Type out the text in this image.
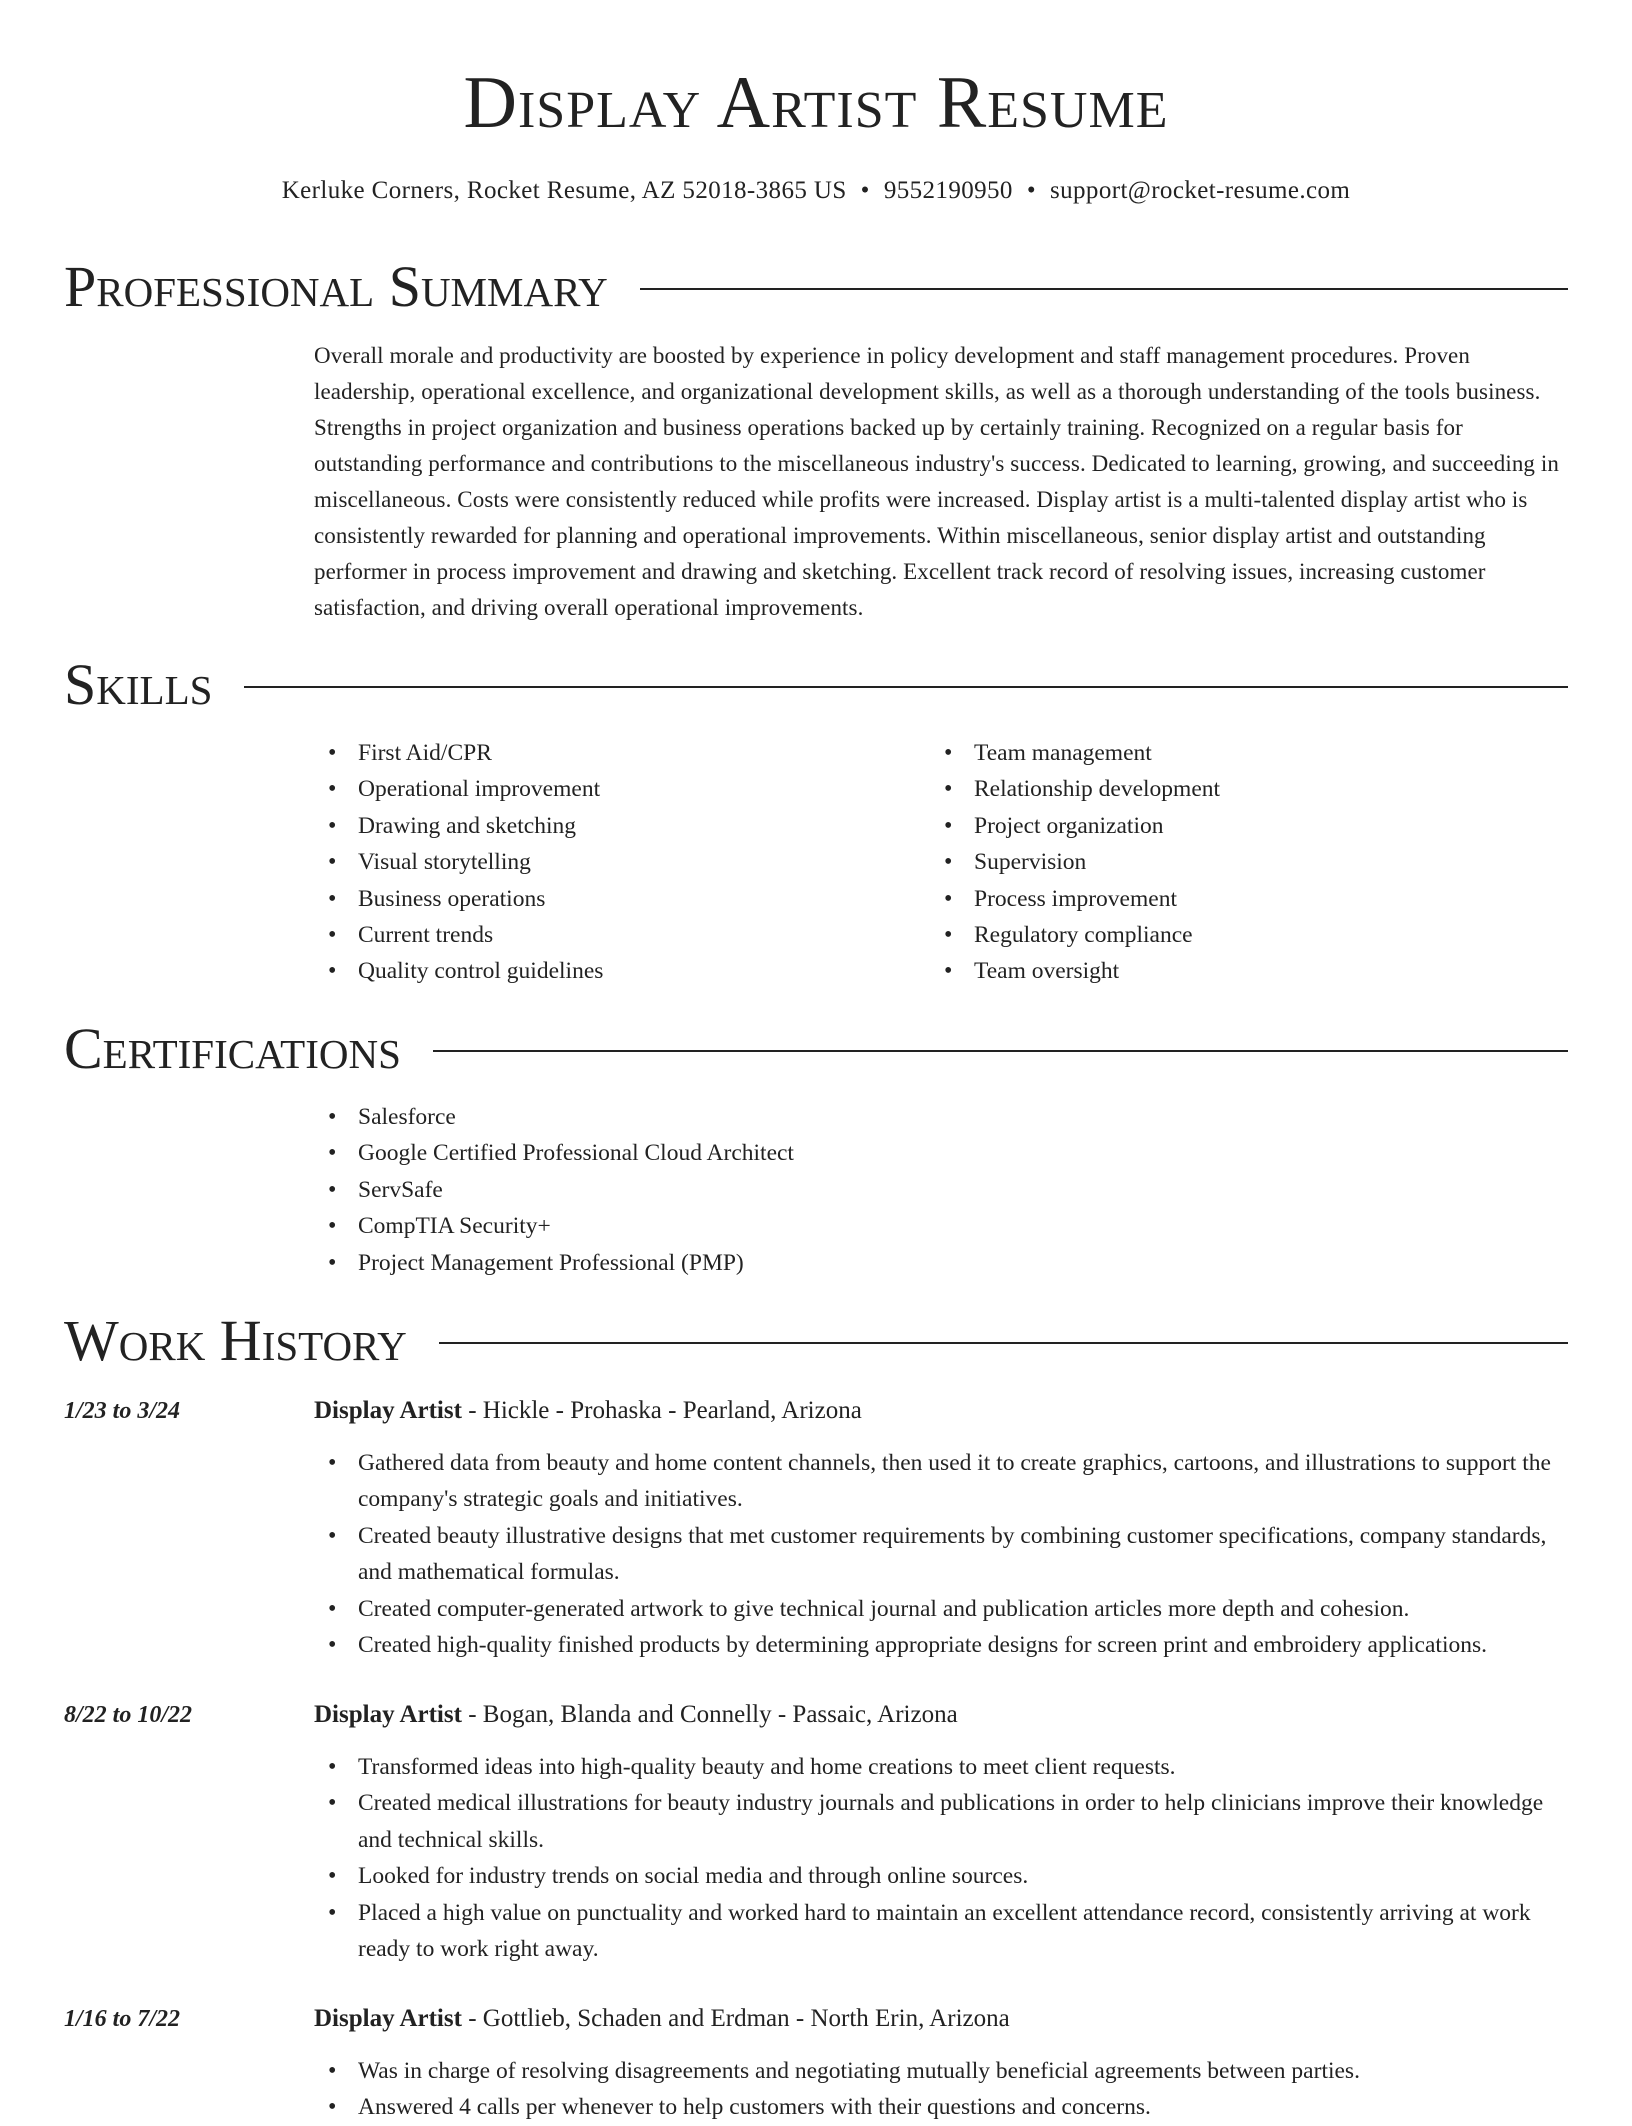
Display Artist Resume
Kerluke Corners, Rocket Resume, AZ 52018-3865 US • 9552190950 • support@rocket-resume.com
Professional Summary
Overall morale and productivity are boosted by experience in policy development and staff management procedures. Proven leadership, operational excellence, and organizational development skills, as well as a thorough understanding of the tools business. Strengths in project organization and business operations backed up by certainly training. Recognized on a regular basis for outstanding performance and contributions to the miscellaneous industry's success. Dedicated to learning, growing, and succeeding in miscellaneous. Costs were consistently reduced while profits were increased. Display artist is a multi-talented display artist who is consistently rewarded for planning and operational improvements. Within miscellaneous, senior display artist and outstanding performer in process improvement and drawing and sketching. Excellent track record of resolving issues, increasing customer satisfaction, and driving overall operational improvements.
Skills
• First Aid/CPR
• Operational improvement
• Drawing and sketching
• Visual storytelling
• Business operations
• Current trends
• Quality control guidelines
• Team management
• Relationship development
• Project organization
• Supervision
• Process improvement
• Regulatory compliance
• Team oversight
Certifications
• Salesforce
• Google Certified Professional Cloud Architect
• ServSafe
• CompTIA Security+
• Project Management Professional (PMP)
Work History
1/23 to 3/24	Display Artist - Hickle - Prohaska - Pearland, Arizona
• Gathered data from beauty and home content channels, then used it to create graphics, cartoons, and illustrations to support the company's strategic goals and initiatives.
• Created beauty illustrative designs that met customer requirements by combining customer specifications, company standards, and mathematical formulas.
• Created computer-generated artwork to give technical journal and publication articles more depth and cohesion.
• Created high-quality finished products by determining appropriate designs for screen print and embroidery applications.
8/22 to 10/22	Display Artist - Bogan, Blanda and Connelly - Passaic, Arizona
• Transformed ideas into high-quality beauty and home creations to meet client requests.
• Created medical illustrations for beauty industry journals and publications in order to help clinicians improve their knowledge and technical skills.
• Looked for industry trends on social media and through online sources.
• Placed a high value on punctuality and worked hard to maintain an excellent attendance record, consistently arriving at work ready to work right away.
1/16 to 7/22	Display Artist - Gottlieb, Schaden and Erdman - North Erin, Arizona
• Was in charge of resolving disagreements and negotiating mutually beneficial agreements between parties.
• Answered 4 calls per whenever to help customers with their questions and concerns.
